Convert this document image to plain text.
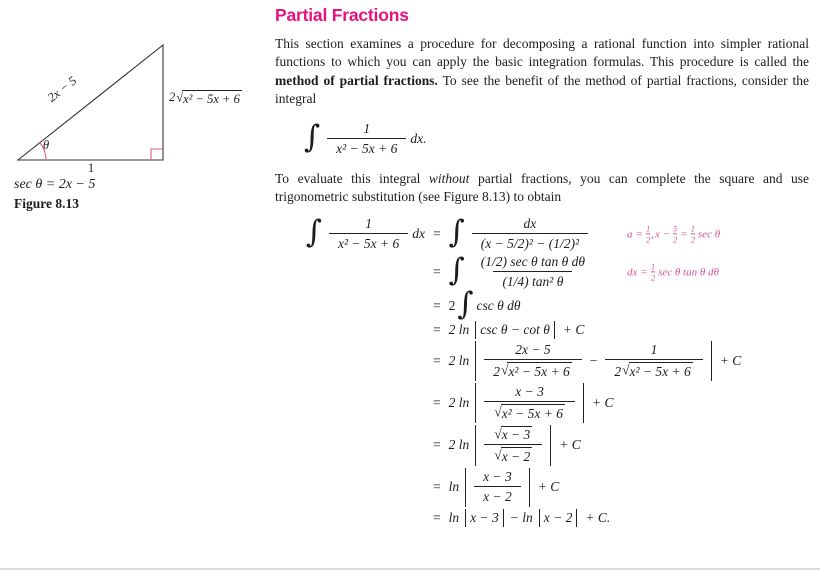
2x − 5	2 √ x² − 5x + 6
1
θ
sec θ = 2x − 5
Figure 8.13
Partial Fractions

This section examines a procedure for decomposing a rational function into simpler rational functions to which you can apply the basic integration formulas. This procedure is called the method of partial fractions. To see the benefit of the method of partial fractions, consider the integral

∫ $\frac{1}{\text{x² − 5x + 6}}$ dx.

To evaluate this integral without partial fractions, you can complete the square and use trigonometric substitution (see Figure 8.13) to obtain

∫ $\frac{1}{\text{x² − 5x + 6}}$ dx = ∫ $\frac{dx}{\text{(x − 5/2)² − (1/2)²}}$	$a = \frac{1}{2}$ , $x - \frac{5}{2} = \frac{1}{2}$ sec θ
= ∫ $\frac{\text{(1/2) sec θ tan θ dθ}}{\text{(1/4) tan² θ}}$	dx = $\frac{1}{2}$ sec θ tan θ dθ
= 2 ∫ csc θ dθ
= 2 ln csc θ − cot θ + C
= 2 $\ln \frac{2x - 5}{\text{2 √ x² − 5x + 6}} - \frac{1}{\text{2 √ x² − 5x + 6}} + C$
= 2 $\ln \frac{x - 3}{\text{√ x² − 5x + 6}} + C$
= 2 $\ln \frac{√ x - 3}{√ x - 2} + C$
= $\ln \frac{x - 3}{x - 2} + C$
= ln x − 3 − ln x − 2 + C.
